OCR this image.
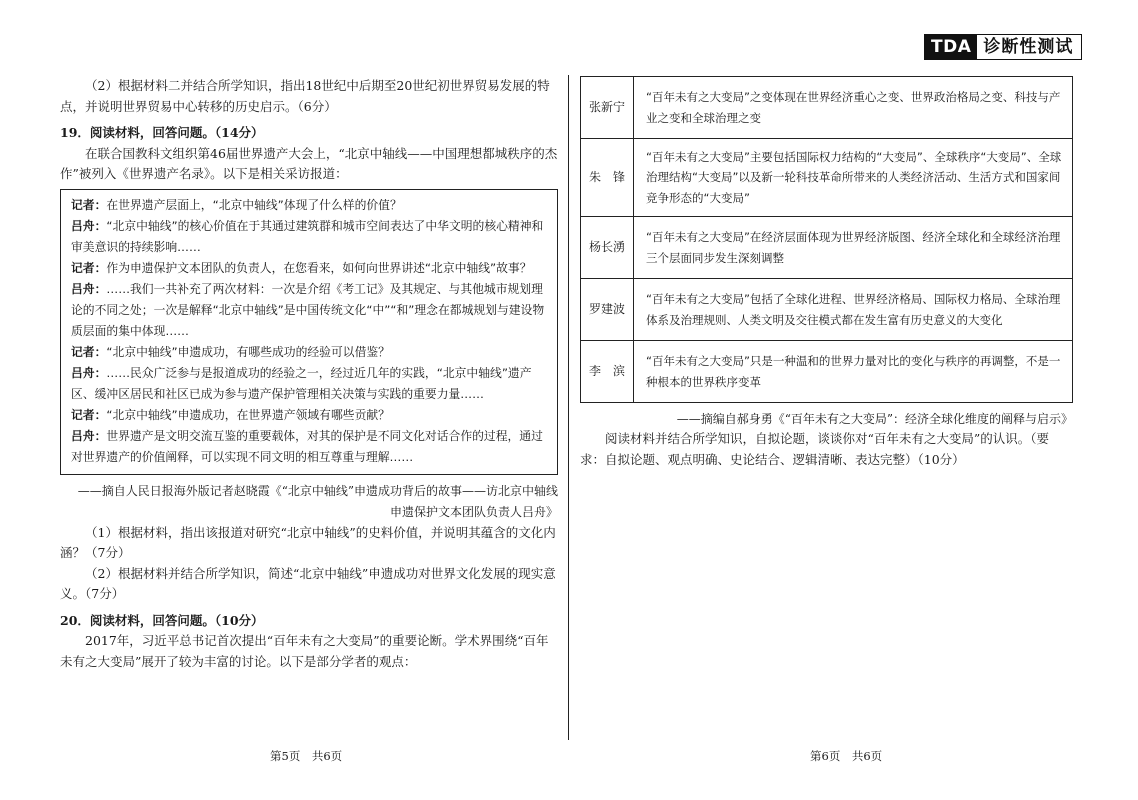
TDA 诊断性测试

（2）根据材料二并结合所学知识，指出18世纪中后期至20世纪初世界贸易发展的特点，并说明世界贸易中心转移的历史启示。（6分）

19．阅读材料，回答问题。（14分）

在联合国教科文组织第46届世界遗产大会上，“北京中轴线——中国理想都城秩序的杰作”被列入《世界遗产名录》。以下是相关采访报道：

记者：在世界遗产层面上，“北京中轴线”体现了什么样的价值？

吕舟：“北京中轴线”的核心价值在于其通过建筑群和城市空间表达了中华文明的核心精神和审美意识的持续影响……

记者：作为申遗保护文本团队的负责人，在您看来，如何向世界讲述“北京中轴线”故事？

吕舟：……我们一共补充了两次材料：一次是介绍《考工记》及其规定、与其他城市规划理论的不同之处；一次是解释“北京中轴线”是中国传统文化“中”“和”理念在都城规划与建设物质层面的集中体现……

记者：“北京中轴线”申遗成功，有哪些成功的经验可以借鉴？

吕舟：……民众广泛参与是报道成功的经验之一，经过近几年的实践，“北京中轴线”遗产区、缓冲区居民和社区已成为参与遗产保护管理相关决策与实践的重要力量……

记者：“北京中轴线”申遗成功，在世界遗产领域有哪些贡献？

吕舟：世界遗产是文明交流互鉴的重要载体，对其的保护是不同文化对话合作的过程，通过对世界遗产的价值阐释，可以实现不同文明的相互尊重与理解……

——摘自人民日报海外版记者赵晓霞《“北京中轴线”申遗成功背后的故事——访北京中轴线

申遗保护文本团队负责人吕舟》

（1）根据材料，指出该报道对研究“北京中轴线”的史料价值，并说明其蕴含的文化内涵？（7分）

（2）根据材料并结合所学知识，简述“北京中轴线”申遗成功对世界文化发展的现实意义。（7分）

20．阅读材料，回答问题。（10分）

2017年，习近平总书记首次提出“百年未有之大变局”的重要论断。学术界围绕“百年未有之大变局”展开了较为丰富的讨论。以下是部分学者的观点：

张新宁	“百年未有之大变局”之变体现在世界经济重心之变、世界政治格局之变、科技与产业之变和全球治理之变
朱　锋	“百年未有之大变局”主要包括国际权力结构的“大变局”、全球秩序“大变局”、全球治理结构“大变局”以及新一轮科技革命所带来的人类经济活动、生活方式和国家间竞争形态的“大变局”
杨长湧	“百年未有之大变局”在经济层面体现为世界经济版图、经济全球化和全球经济治理三个层面同步发生深刻调整
罗建波	“百年未有之大变局”包括了全球化进程、世界经济格局、国际权力格局、全球治理体系及治理规则、人类文明及交往模式都在发生富有历史意义的大变化
李　滨	“百年未有之大变局”只是一种温和的世界力量对比的变化与秩序的再调整，不是一种根本的世界秩序变革

——摘编自郝身勇《“百年未有之大变局”：经济全球化维度的阐释与启示》

阅读材料并结合所学知识，自拟论题，谈谈你对“百年未有之大变局”的认识。（要求：自拟论题、观点明确、史论结合、逻辑清晰、表达完整）（10分）

第5页　共6页	第6页　共6页
